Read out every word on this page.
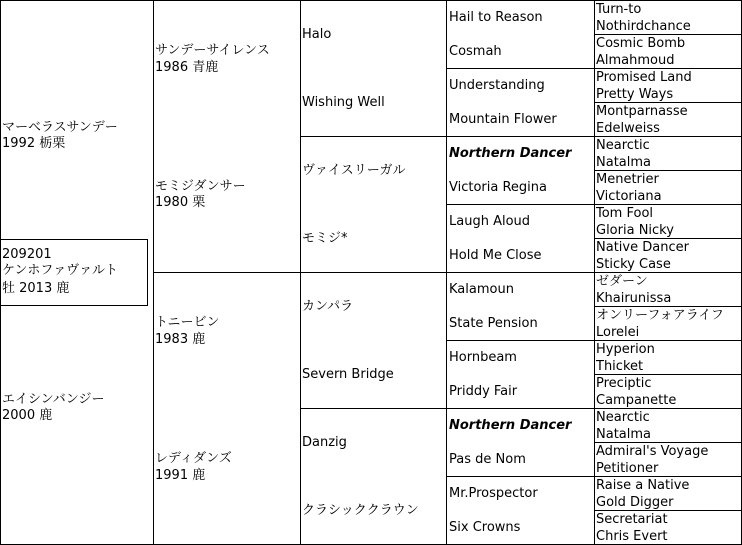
209201
ケンホファヴァルト
牡 2013 鹿
マーベラスサンデー
1992 栃栗
エイシンバンジー
2000 鹿
サンデーサイレンス
1986 青鹿
モミジダンサー
1980 栗
トニービン
1983 鹿
レディダンズ
1991 鹿
Halo
Wishing Well
ヴァイスリーガル
モミジ*
カンパラ
Severn Bridge
Danzig
クラシッククラウン
Hail to Reason
Cosmah
Understanding
Mountain Flower
Northern Dancer
Victoria Regina
Laugh Aloud
Hold Me Close
Kalamoun
State Pension
Hornbeam
Priddy Fair
Northern Dancer
Pas de Nom
Mr.Prospector
Six Crowns
Turn-to
Nothirdchance
Cosmic Bomb
Almahmoud
Promised Land
Pretty Ways
Montparnasse
Edelweiss
Nearctic
Natalma
Menetrier
Victoriana
Tom Fool
Gloria Nicky
Native Dancer
Sticky Case
ゼダーン
Khairunissa
オンリーフォアライフ
Lorelei
Hyperion
Thicket
Preciptic
Campanette
Nearctic
Natalma
Admiral's Voyage
Petitioner
Raise a Native
Gold Digger
Secretariat
Chris Evert
